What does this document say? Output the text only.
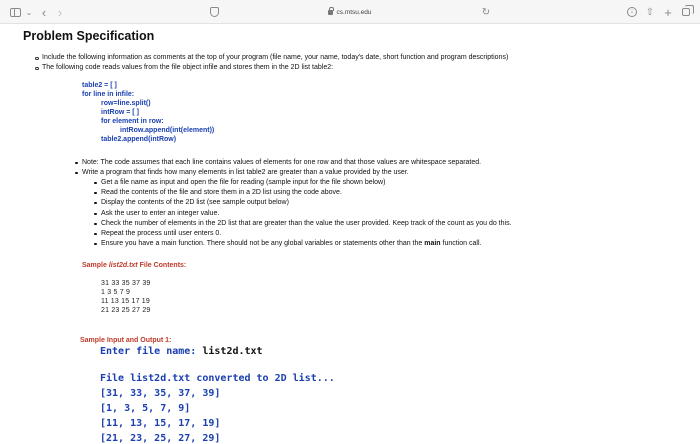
⌄ ‹ ›	cs.mtsu.edu	↻	↓	⇧ +
Problem Specification
Include the following information as comments at the top of your program (file name, your name, today's date, short function and program descriptions)
The following code reads values from the file object infile and stores them in the 2D list table2:
table2 = [ ]
for line in infile:
row=line.split()
intRow = [ ]
for element in row:
intRow.append(int(element))
table2.append(intRow)
Note: The code assumes that each line contains values of elements for one row and that those values are whitespace separated.
Write a program that finds how many elements in list table2 are greater than a value provided by the user.
Get a file name as input and open the file for reading (sample input for the file shown below)
Read the contents of the file and store them in a 2D list using the code above.
Display the contents of the 2D list (see sample output below)
Ask the user to enter an integer value.
Check the number of elements in the 2D list that are greater than the value the user provided. Keep track of the count as you do this.
Repeat the process until user enters 0.
Ensure you have a main function. There should not be any global variables or statements other than the main function call.
Sample list2d.txt File Contents:
31 33 35 37 39
1 3 5 7 9
11 13 15 17 19
21 23 25 27 29
Sample Input and Output 1:
Enter file name: list2d.txt
File list2d.txt converted to 2D list...
[31, 33, 35, 37, 39]
[1, 3, 5, 7, 9]
[11, 13, 15, 17, 19]
[21, 23, 25, 27, 29]
